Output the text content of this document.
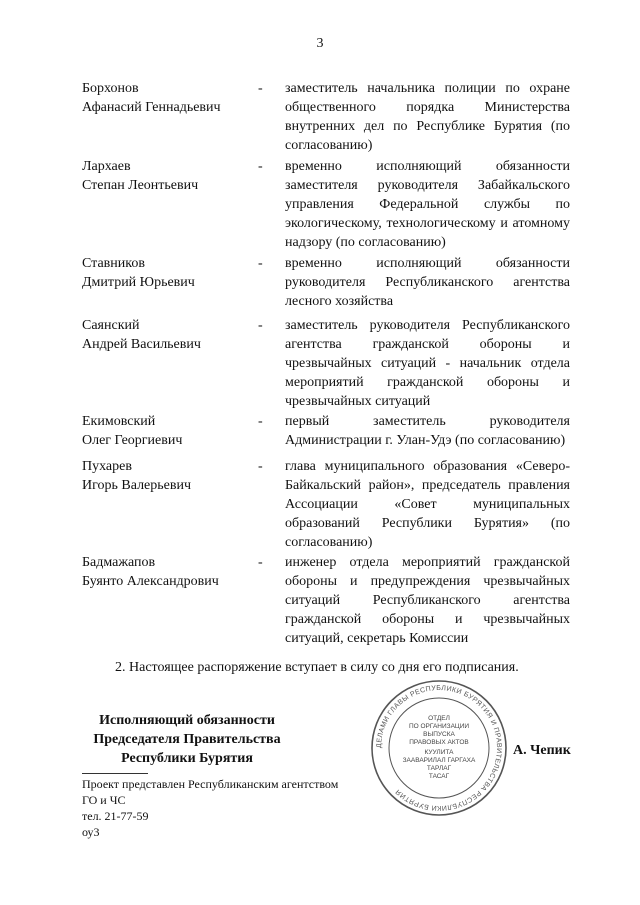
3
Борхонов
Афанасий Геннадьевич
- заместитель начальника полиции по охране общественного порядка Министерства внутренних дел по Республике Бурятия (по согласованию)
Лархаев
Степан Леонтьевич
- временно исполняющий обязанности заместителя руководителя Забайкальского управления Федеральной службы по экологическому, технологическому и атомному надзору (по согласованию)
Ставников
Дмитрий Юрьевич
- временно исполняющий обязанности руководителя Республиканского агентства лесного хозяйства
Саянский
Андрей Васильевич
- заместитель руководителя Республиканского агентства гражданской обороны и чрезвычайных ситуаций - начальник отдела мероприятий гражданской обороны и чрезвычайных ситуаций
Екимовский
Олег Георгиевич
- первый заместитель руководителя Администрации г. Улан-Удэ (по согласованию)
Пухарев
Игорь Валерьевич
- глава муниципального образования «Северо-Байкальский район», председатель правления Ассоциации «Совет муниципальных образований Республики Бурятия» (по согласованию)
Бадмажапов
Буянто Александрович
- инженер отдела мероприятий гражданской обороны и предупреждения чрезвычайных ситуаций Республиканского агентства гражданской обороны и чрезвычайных ситуаций, секретарь Комиссии
2. Настоящее распоряжение вступает в силу со дня его подписания.
Исполняющий обязанности
Председателя Правительства
Республики Бурятия
ДЕЛАМИ ГЛАВЫ РЕСПУБЛИКИ БУРЯТИЯ И ПРАВИТЕЛЬСТВА РЕСПУБЛИКИ БУРЯТИЯ
ОТДЕЛ
ПО ОРГАНИЗАЦИИ
ВЫПУСКА
ПРАВОВЫХ АКТОВ
КУУЛИТА
ЗААВАРИЛАЛ ГАРГАХА
ТАРЛАГ
ТАСАГ
А. Чепик
Проект представлен Республиканским агентством
ГО и ЧС
тел. 21-77-59
оу3
